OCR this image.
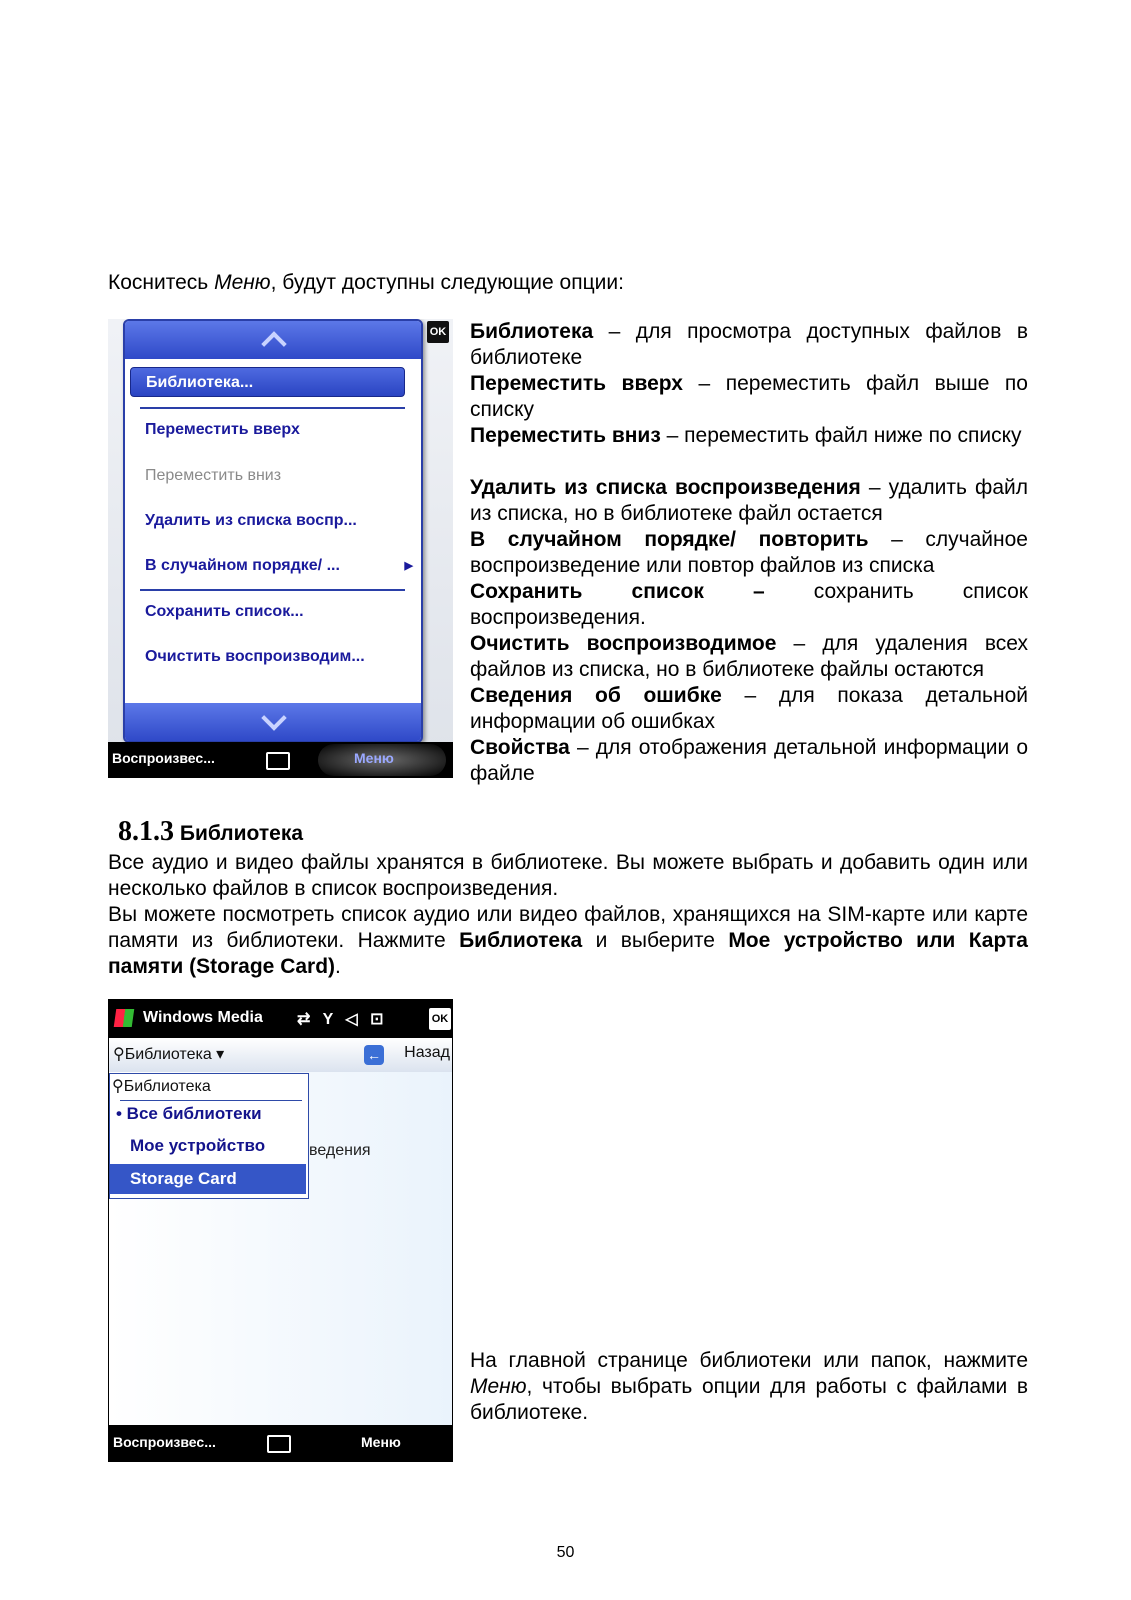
Коснитесь Меню, будут доступны следующие опции:
OK
Библиотека...
Переместить вверх
Переместить вниз
Удалить из списка воспр...
В случайном порядке/ ...	▶
Сохранить список...
Очистить воспроизводим...
Воспроизвес...	Меню
Библиотека – для просмотра доступных файлов в библиотеке
Переместить вверх – переместить файл выше по списку
Переместить вниз – переместить файл ниже по списку
Удалить из списка воспроизведения – удалить файл из списка, но в библиотеке файл остается
В случайном порядке/ повторить – случайное воспроизведение или повтор файлов из списка
Сохранить список – сохранить список воспроизведения.
Очистить воспроизводимое – для удаления всех файлов из списка, но в библиотеке файлы остаются
Сведения об ошибке – для показа детальной информации об ошибках
Свойства – для отображения детальной информации о файле
8.1.3 Библиотека
Все аудио и видео файлы хранятся в библиотеке. Вы можете выбрать и добавить один или несколько файлов в список воспроизведения.
Вы можете посмотреть список аудио или видео файлов, хранящихся на SIM-карте или карте памяти из библиотеки. Нажмите Библиотека и выберите Мое устройство или Карта памяти (Storage Card).
Windows Media ⇄ Y ◁ ⊡	OK
⚲Библиотека ▾	← Назад
ведения
⚲Библиотека
• Все библиотеки
Мое устройство
Storage Card
Воспроизвес...	Меню
На главной странице библиотеки или папок, нажмите Меню, чтобы выбрать опции для работы с файлами в библиотеке.
50
